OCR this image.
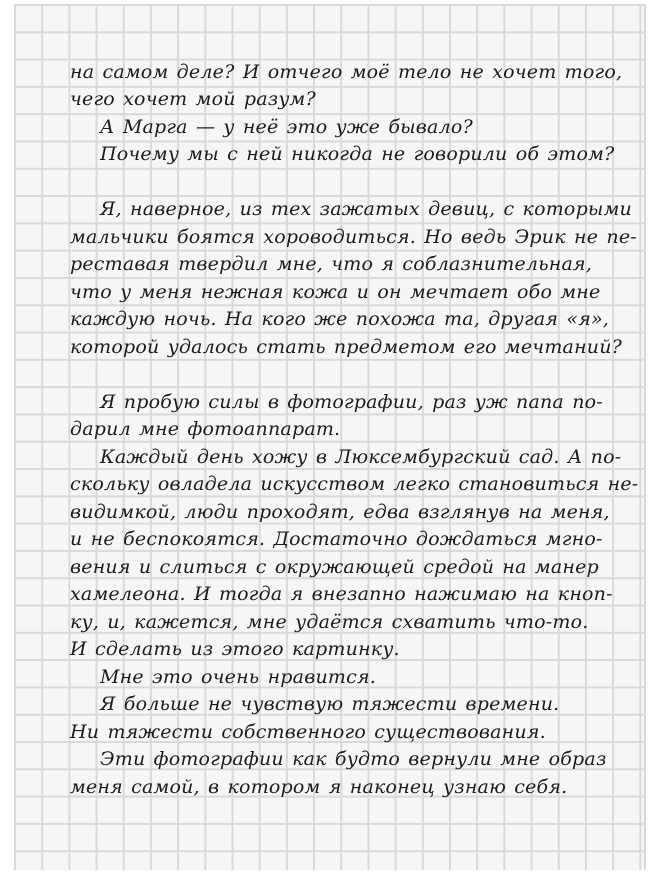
на самом деле? И отчего моё тело не хочет того,
чего хочет мой разум?
А Марга — у неё это уже бывало?
Почему мы с ней никогда не говорили об этом?
Я, наверное, из тех зажатых девиц, с которыми
мальчики боятся хороводиться. Но ведь Эрик не пе-
реставая твердил мне, что я соблазнительная,
что у меня нежная кожа и он мечтает обо мне
каждую ночь. На кого же похожа та, другая «я»,
которой удалось стать предметом его мечтаний?
Я пробую силы в фотографии, раз уж папа по-
дарил мне фотоаппарат.
Каждый день хожу в Люксембургский сад. А по-
скольку овладела искусством легко становиться не-
видимкой, люди проходят, едва взглянув на меня,
и не беспокоятся. Достаточно дождаться мгно-
вения и слиться с окружающей средой на манер
хамелеона. И тогда я внезапно нажимаю на кноп-
ку, и, кажется, мне удаётся схватить что-то.
И сделать из этого картинку.
Мне это очень нравится.
Я больше не чувствую тяжести времени.
Ни тяжести собственного существования.
Эти фотографии как будто вернули мне образ
меня самой, в котором я наконец узнаю себя.
